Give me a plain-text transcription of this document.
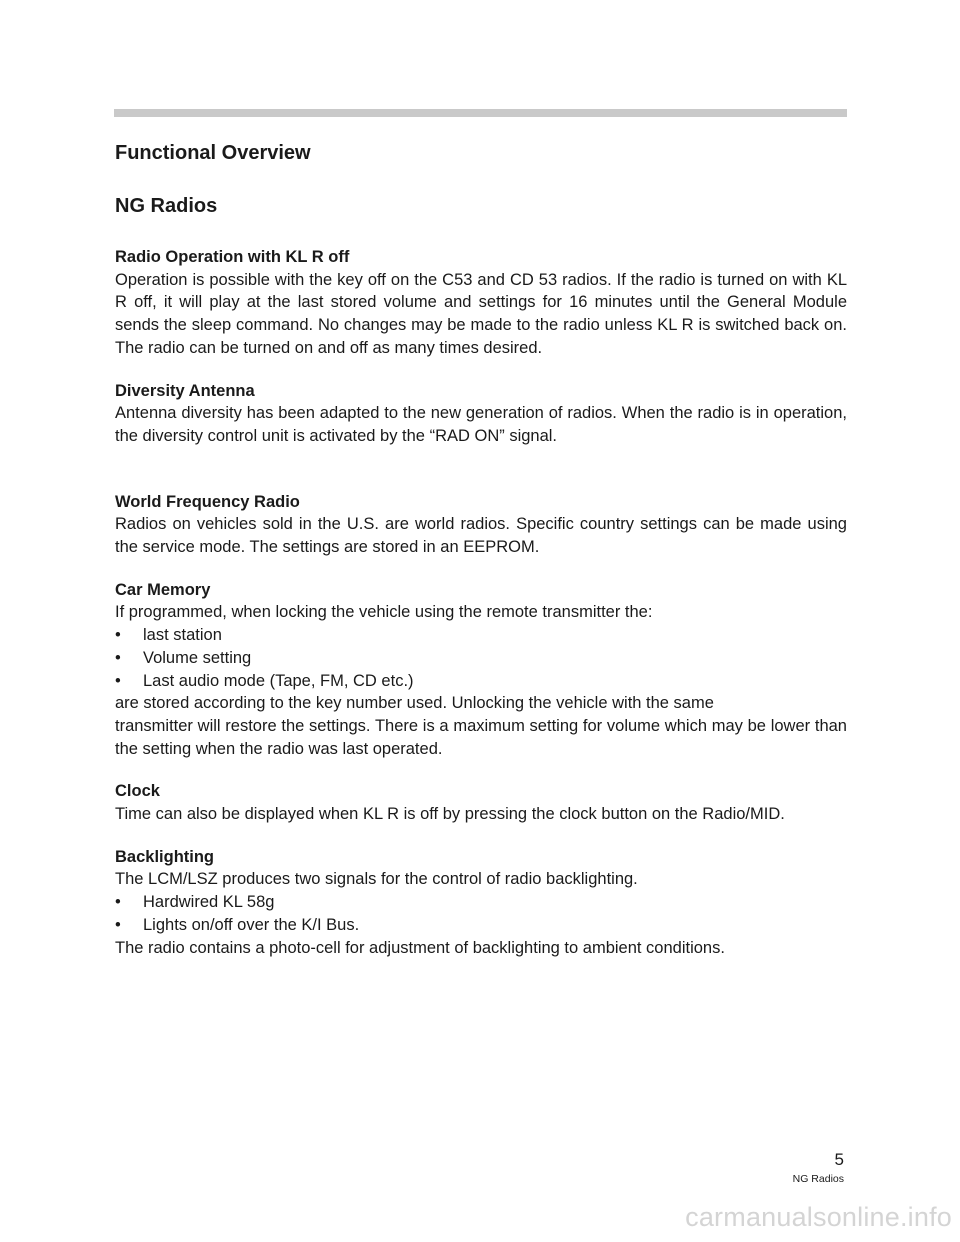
Functional Overview
NG Radios
Radio Operation with KL R off

Operation is possible with the key off on the C53 and CD 53 radios. If the radio is turned on with KL R off, it will play at the last stored volume and settings for 16 minutes until the General Module sends the sleep command. No changes may be made to the radio unless KL R is switched back on. The radio can be turned on and off as many times desired.

Diversity Antenna

Antenna diversity has been adapted to the new generation of radios. When the radio is in operation, the diversity control unit is activated by the “RAD ON” signal.

World Frequency Radio

Radios on vehicles sold in the U.S. are world radios. Specific country settings can be made using the service mode. The settings are stored in an EEPROM.

Car Memory

If programmed, when locking the vehicle using the remote transmitter the:

• last station
• Volume setting
• Last audio mode (Tape, FM, CD etc.)

are stored according to the key number used. Unlocking the vehicle with the same

transmitter will restore the settings. There is a maximum setting for volume which may be lower than the setting when the radio was last operated.

Clock

Time can also be displayed when KL R is off by pressing the clock button on the Radio/MID.

Backlighting

The LCM/LSZ produces two signals for the control of radio backlighting.

• Hardwired KL 58g
• Lights on/off over the K/I Bus.

The radio contains a photo-cell for adjustment of backlighting to ambient conditions.

5
NG Radios
carmanualsonline.info
